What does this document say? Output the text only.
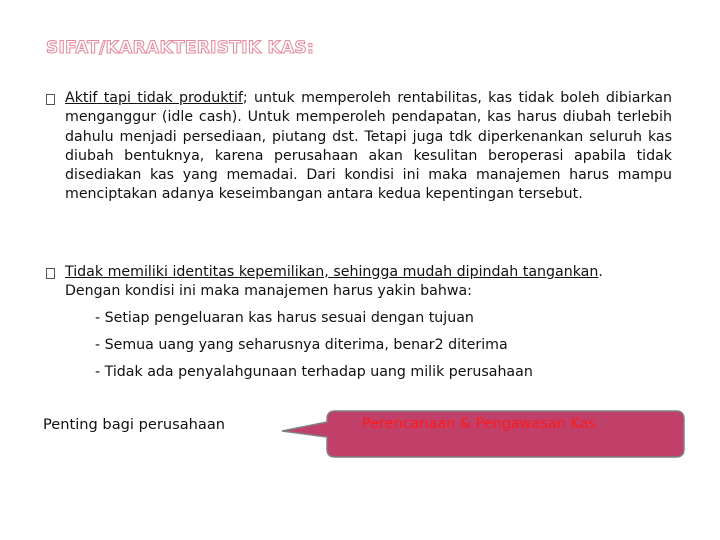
SIFAT/KARAKTERISTIK KAS:
Aktif tapi tidak produktif; untuk memperoleh rentabilitas, kas tidak boleh dibiarkan menganggur (idle cash). Untuk memperoleh pendapatan, kas harus diubah terlebih dahulu menjadi persediaan, piutang dst. Tetapi juga tdk diperkenankan seluruh kas diubah bentuknya, karena perusahaan akan kesulitan beroperasi apabila tidak disediakan kas yang memadai. Dari kondisi ini maka manajemen harus mampu menciptakan adanya keseimbangan antara kedua kepentingan tersebut.
Tidak memiliki identitas kepemilikan, sehingga mudah dipindah tangankan.
Dengan kondisi ini maka manajemen harus yakin bahwa:
- Setiap pengeluaran kas harus sesuai dengan tujuan
- Semua uang yang seharusnya diterima, benar2 diterima
- Tidak ada penyalahgunaan terhadap uang milik perusahaan
Penting bagi perusahaan	Perencanaan & Pengawasan Kas
